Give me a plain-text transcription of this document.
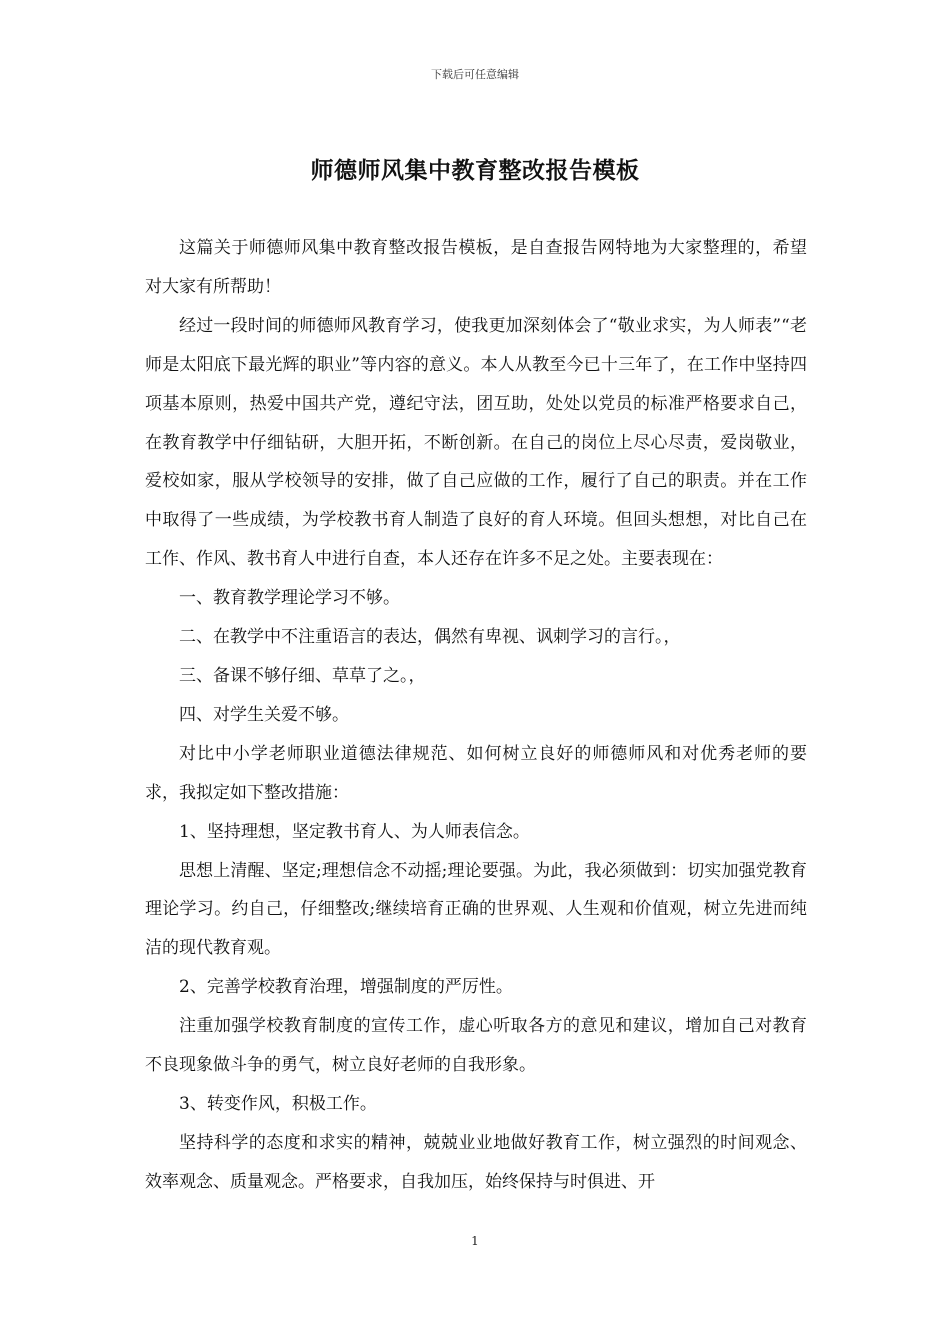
下载后可任意编辑
师德师风集中教育整改报告模板

这篇关于师德师风集中教育整改报告模板，是自查报告网特地为大家整理的，希望对大家有所帮助！

经过一段时间的师德师风教育学习，使我更加深刻体会了“敬业求实，为人师表”“老师是太阳底下最光辉的职业”等内容的意义。本人从教至今已十三年了，在工作中坚持四项基本原则，热爱中国共产党，遵纪守法，团互助，处处以党员的标准严格要求自己，在教育教学中仔细钻研，大胆开拓，不断创新。在自己的岗位上尽心尽责，爱岗敬业，爱校如家，服从学校领导的安排，做了自己应做的工作，履行了自己的职责。并在工作中取得了一些成绩，为学校教书育人制造了良好的育人环境。但回头想想，对比自己在工作、作风、教书育人中进行自查，本人还存在许多不足之处。主要表现在：

一、教育教学理论学习不够。

二、在教学中不注重语言的表达，偶然有卑视、讽刺学习的言行。，

三、备课不够仔细、草草了之。，

四、对学生关爱不够。

对比中小学老师职业道德法律规范、如何树立良好的师德师风和对优秀老师的要求，我拟定如下整改措施：

1、坚持理想，坚定教书育人、为人师表信念。

思想上清醒、坚定;理想信念不动摇;理论要强。为此，我必须做到：切实加强党教育理论学习。约自己，仔细整改;继续培育正确的世界观、人生观和价值观，树立先进而纯洁的现代教育观。

2、完善学校教育治理，增强制度的严厉性。

注重加强学校教育制度的宣传工作，虚心听取各方的意见和建议，增加自己对教育不良现象做斗争的勇气，树立良好老师的自我形象。

3、转变作风，积极工作。

坚持科学的态度和求实的精神，兢兢业业地做好教育工作，树立强烈的时间观念、效率观念、质量观念。严格要求，自我加压，始终保持与时俱进、开

1
